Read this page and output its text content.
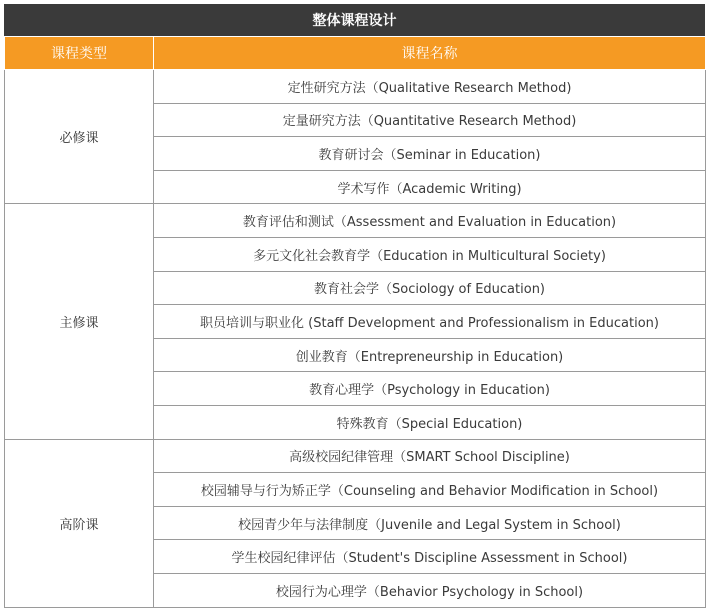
整体课程设计
课程类型	课程名称
必修课	定性研究方法（Qualitative Research Method)
	定量研究方法（Quantitative Research Method)
	教育研讨会（Seminar in Education)
	学术写作（Academic Writing)
主修课	教育评估和测试（Assessment and Evaluation in Education)
	多元文化社会教育学（Education in Multicultural Society)
	教育社会学（Sociology of Education)
	职员培训与职业化 (Staff Development and Professionalism in Education)
	创业教育（Entrepreneurship in Education)
	教育心理学（Psychology in Education)
	特殊教育（Special Education)
高阶课	高级校园纪律管理（SMART School Discipline)
	校园辅导与行为矫正学（Counseling and Behavior Modification in School)
	校园青少年与法律制度（Juvenile and Legal System in School)
	学生校园纪律评估（Student's Discipline Assessment in School)
	校园行为心理学（Behavior Psychology in School)
